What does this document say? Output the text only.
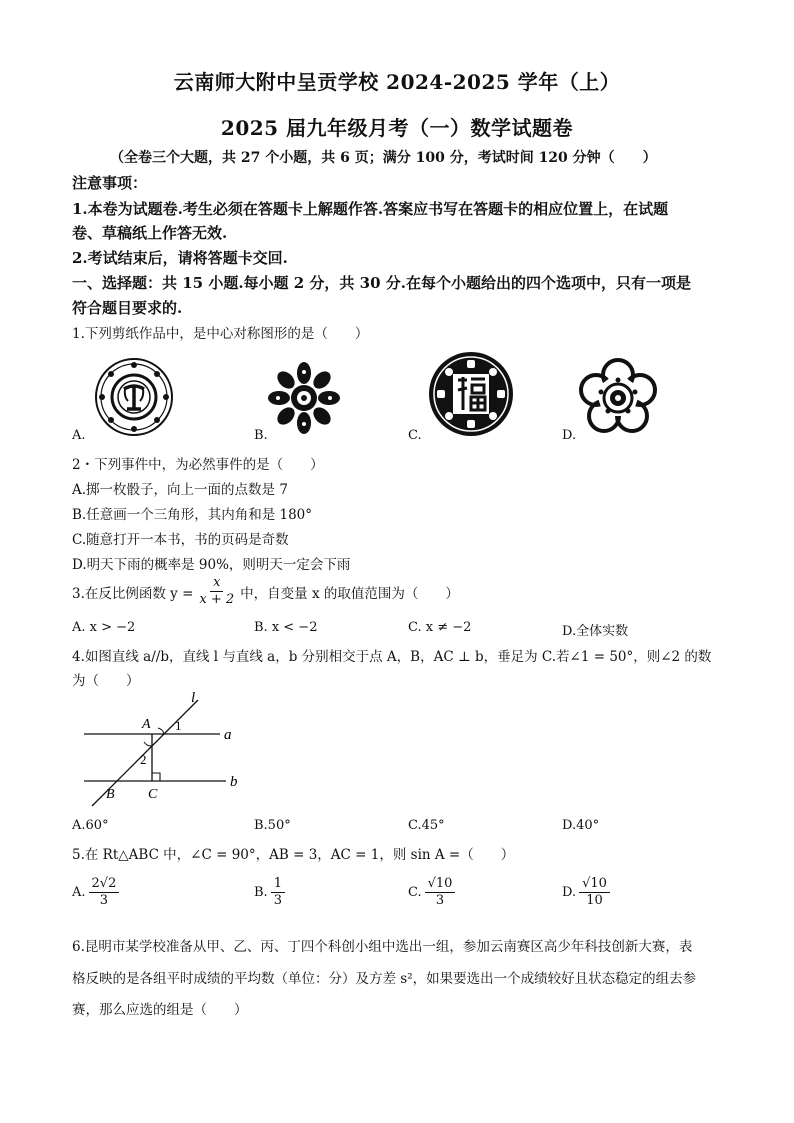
云南师大附中呈贡学校 2024-2025 学年（上）
2025 届九年级月考（一）数学试题卷
（全卷三个大题，共 27 个小题，共 6 页；满分 100 分，考试时间 120 分钟（　　）
注意事项：
1.本卷为试题卷.考生必须在答题卡上解题作答.答案应书写在答题卡的相应位置上，在试题
卷、草稿纸上作答无效.
2.考试结束后，请将答题卡交回.
一、选择题：共 15 小题.每小题 2 分，共 30 分.在每个小题给出的四个选项中，只有一项是
符合题目要求的.
1.下列剪纸作品中，是中心对称图形的是（　　）
A.	B.	C.	D.
2・下列事件中，为必然事件的是（　　）
A.掷一枚骰子，向上一面的点数是 7
B.任意画一个三角形，其内角和是 180°
C.随意打开一本书，书的页码是奇数
D.明天下雨的概率是 90%，则明天一定会下雨
3.在反比例函数 $y = \frac{x}{x + 2}$ 中，自变量 x 的取值范围为（　　）
A. x > −2	B. x < −2	C. x ≠ −2	D.全体实数
4.如图直线 a//b，直线 l 与直线 a，b 分别相交于点 A，B，AC ⊥ b，垂足为 C.若∠1 = 50°，则∠2 的数
为（　　）
l
a
b
A
B C
1
2
A.60°	B.50°	C.45°	D.40°
5.在 Rt△ABC 中，∠C = 90°，AB = 3，AC = 1，则 sin A =（　　）
A. $\frac{2√2}{3}$	B. $\frac{1}{3}$	C. $\frac{√10}{3}$	D. $\frac{√10}{10}$
6.昆明市某学校准备从甲、乙、丙、丁四个科创小组中选出一组，参加云南赛区高少年科技创新大赛，表
格反映的是各组平时成绩的平均数（单位：分）及方差 s²，如果要选出一个成绩较好且状态稳定的组去参
赛，那么应选的组是（　　）
